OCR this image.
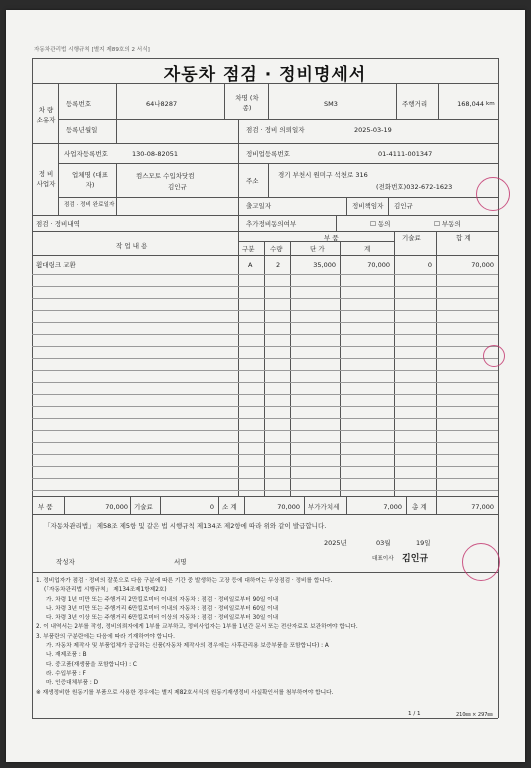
자동차관리법 시행규칙 [별지 제89호의 2 서식]
자동차 점검 · 정비명세서
차 량 소유자
등록번호	64나8287
차명 (차종)	SM3	주행거리	168,044 km
등록년월일	점검 · 정비 의뢰일자	2025-03-19
정 비 사업자
사업자등록번호	130-08-82051	정비업등록번호	01-4111-001347
업체명 (대표자)
컴스모토 수입차닷컴
김인규
주소
경기 부천시 원미구 석천로 316
(전화번호)032-672-1623
점검 · 정비 완료일자	출고일자	정비책임자 김인규
점검 · 정비내역	추가정비동의여부	☐ 동의	☐ 부동의
작 업 내 용
부 품	기술료	합 계
구분 수량	단 가	계
휠대링크 교환	A	2	35,000	70,000	0	70,000
부 품	70,000 기술료	0 소 계	70,000 부가가치세	7,000 총 계	77,000
「자동차관리법」 제58조 제5항 및 같은 법 시행규칙 제134조 제2항에 따라 위와 같이 발급합니다.
2025년	03월	19일
작성자	서명	대표이사 김인규
1. 정비업자가 점검 · 정비의 잘못으로 다음 구분에 따른 기간 중 발생하는 고장 등에 대하여는 무상점검 · 정비를 합니다.
(「자동차관리법 시행규칙」 제134조제1항제2호)
가. 차령 1년 미만 또는 주행거리 2만킬로미터 이내의 자동차 : 점검 · 정비일로부터 90일 이내
나. 차령 3년 미만 또는 주행거리 6만킬로미터 이내의 자동차 : 점검 · 정비일로부터 60일 이내
다. 차령 3년 이상 또는 주행거리 6만킬로미터 이상의 자동차 : 점검 · 정비일로부터 30일 이내
2. 이 내역서는 2부를 작성, 정비의뢰자에게 1부를 교부하고, 정비사업자는 1부를 1년간 문서 또는 전산자료로 보관하여야 합니다.
3. 부품란의 구분란에는 다음에 따라 기재하여야 합니다.
가. 자동차 제작사 및 부품업체가 공급하는 신품(자동차 제작사의 경우에는 사후관리용 보증부품을 포함합니다) : A
나. 재제조품 : B
다. 중고품(재생품을 포함합니다) : C
라. 수입부품 : F
마. 인증대체부품 : D
※ 재생정비한 원동기를 부품으로 사용한 경우에는 별지 제82호서식의 원동기재생정비 사실확인서를 첨부하여야 합니다.
1 / 1	210㎜ × 297㎜
